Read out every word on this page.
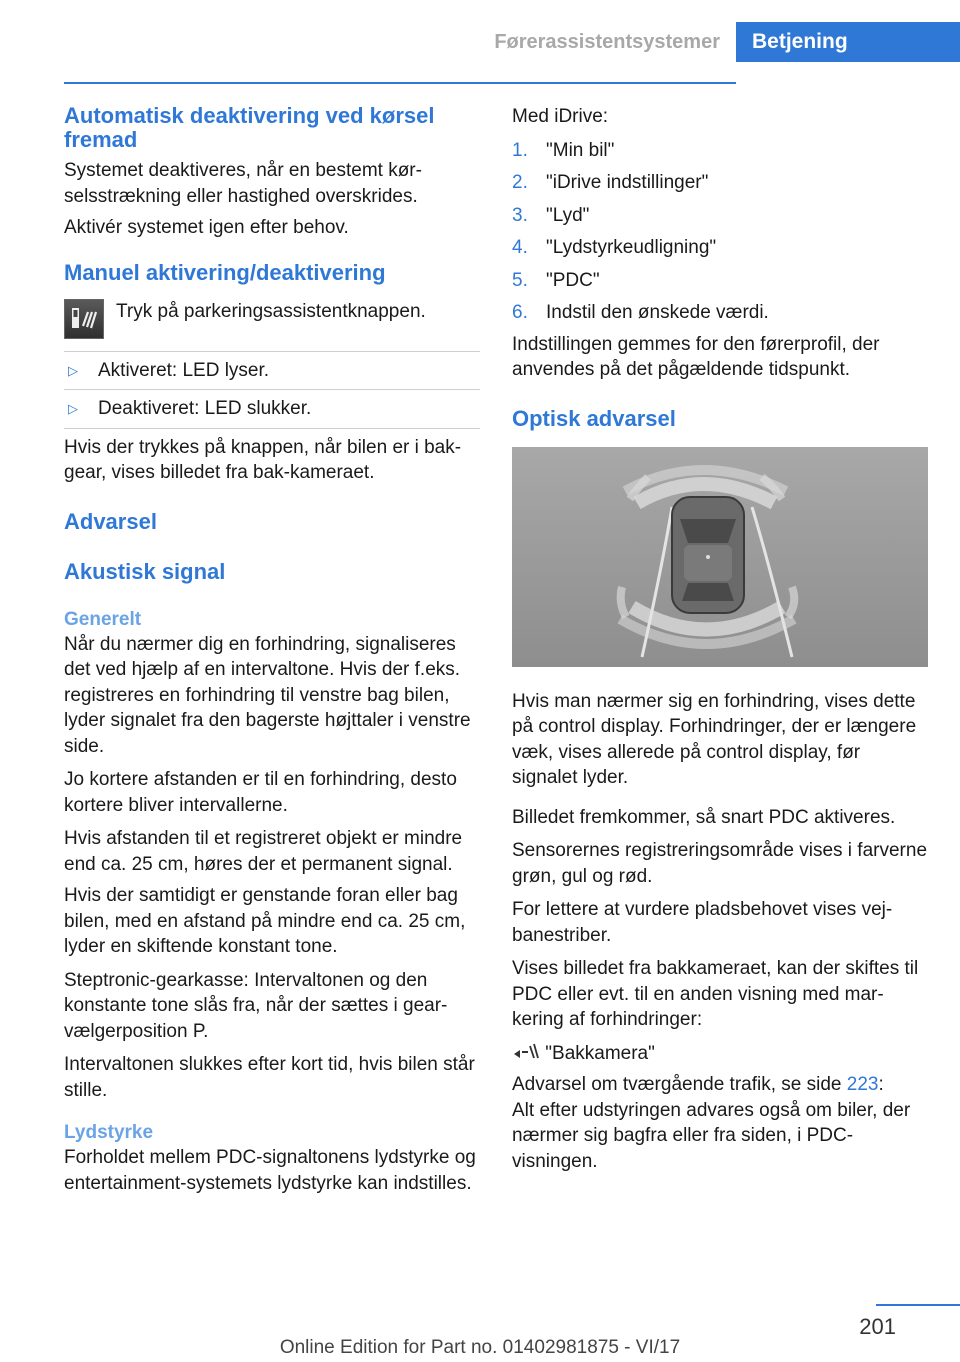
Førerassistentsystemer	Betjening
Automatisk deaktivering ved kørsel fremad

Systemet deaktiveres, når en bestemt kørselsstrækning eller hastighed overskrides.

Aktivér systemet igen efter behov.

Manuel aktivering/deaktivering

Tryk på parkeringsassistentknappen.

▷ Aktiveret: LED lyser.
▷ Deaktiveret: LED slukker.

Hvis der trykkes på knappen, når bilen er i bakgear, vises billedet fra bak-kameraet.

Advarsel
Akustisk signal
Generelt

Når du nærmer dig en forhindring, signaliseres det ved hjælp af en intervaltone. Hvis der f.eks. registreres en forhindring til venstre bag bilen, lyder signalet fra den bagerste højttaler i venstre side.

Jo kortere afstanden er til en forhindring, desto kortere bliver intervallerne.

Hvis afstanden til et registreret objekt er mindre end ca. 25 cm, høres der et permanent signal.

Hvis der samtidigt er genstande foran eller bag bilen, med en afstand på mindre end ca. 25 cm, lyder en skiftende konstant tone.

Steptronic-gearkasse: Intervaltonen og den konstante tone slås fra, når der sættes i gearvælgerposition P.

Intervaltonen slukkes efter kort tid, hvis bilen står stille.

Lydstyrke

Forholdet mellem PDC-signaltonens lydstyrke og entertainment-systemets lydstyrke kan indstilles.

Med iDrive:

1. "Min bil"
2. "iDrive indstillinger"
3. "Lyd"
4. "Lydstyrkeudligning"
5. "PDC"
6. Indstil den ønskede værdi.

Indstillingen gemmes for den førerprofil, der anvendes på det pågældende tidspunkt.

Optisk advarsel

Hvis man nærmer sig en forhindring, vises dette på control display. Forhindringer, der er længere væk, vises allerede på control display, før signalet lyder.

Billedet fremkommer, så snart PDC aktiveres.

Sensorernes registreringsområde vises i farverne grøn, gul og rød.

For lettere at vurdere pladsbehovet vises vejbanestriber.

Vises billedet fra bakkameraet, kan der skiftes til PDC eller evt. til en anden visning med markering af forhindringer:

"Bakkamera"

Advarsel om tværgående trafik, se side 223:

Alt efter udstyringen advares også om biler, der nærmer sig bagfra eller fra siden, i PDC-visningen.

201
Online Edition for Part no. 01402981875 - VI/17
